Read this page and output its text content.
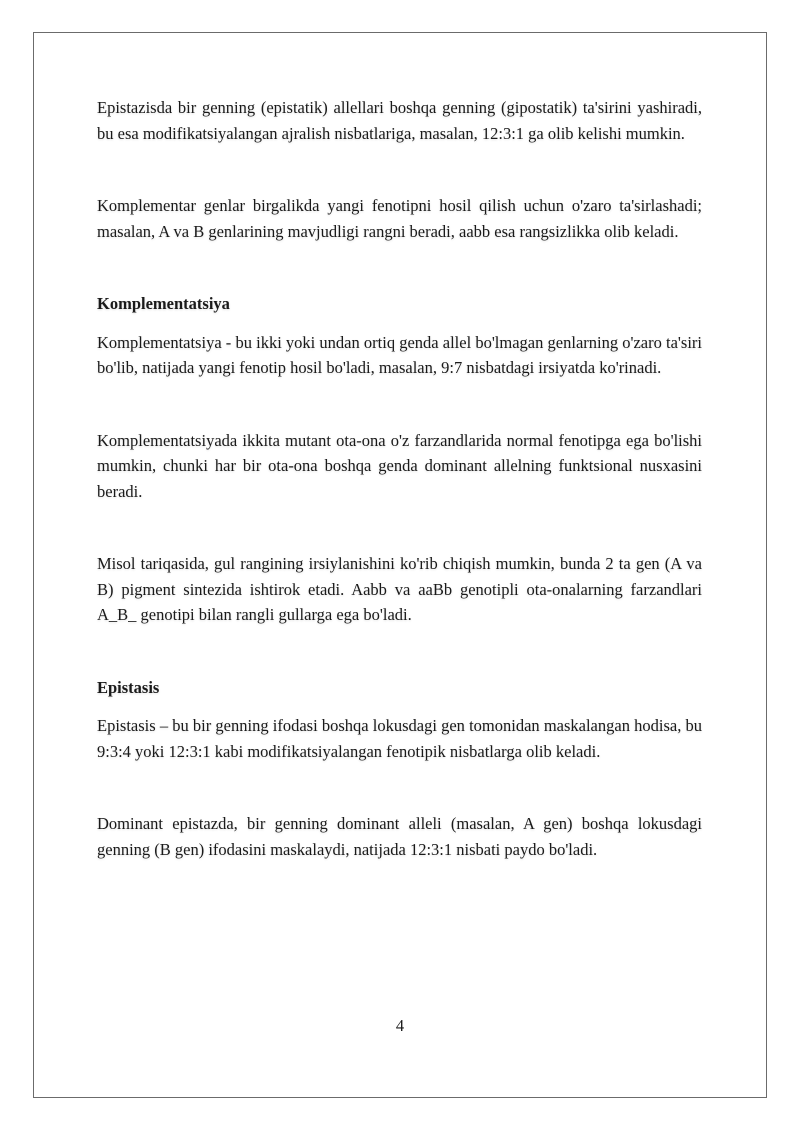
Epistazisda bir genning (epistatik) allellari boshqa genning (gipostatik) ta'sirini yashiradi, bu esa modifikatsiyalangan ajralish nisbatlariga, masalan, 12:3:1 ga olib kelishi mumkin.

Komplementar genlar birgalikda yangi fenotipni hosil qilish uchun o'zaro ta'sirlashadi; masalan, A va B genlarining mavjudligi rangni beradi, aabb esa rangsizlikka olib keladi.

Komplementatsiya

Komplementatsiya - bu ikki yoki undan ortiq genda allel bo'lmagan genlarning o'zaro ta'siri bo'lib, natijada yangi fenotip hosil bo'ladi, masalan, 9:7 nisbatdagi irsiyatda ko'rinadi.

Komplementatsiyada ikkita mutant ota-ona o'z farzandlarida normal fenotipga ega bo'lishi mumkin, chunki har bir ota-ona boshqa genda dominant allelning funktsional nusxasini beradi.

Misol tariqasida, gul rangining irsiylanishini ko'rib chiqish mumkin, bunda 2 ta gen (A va B) pigment sintezida ishtirok etadi. Aabb va aaBb genotipli ota-onalarning farzandlari A_B_ genotipi bilan rangli gullarga ega bo'ladi.

Epistasis

Epistasis – bu bir genning ifodasi boshqa lokusdagi gen tomonidan maskalangan hodisa, bu 9:3:4 yoki 12:3:1 kabi modifikatsiyalangan fenotipik nisbatlarga olib keladi.

Dominant epistazda, bir genning dominant alleli (masalan, A gen) boshqa lokusdagi genning (B gen) ifodasini maskalaydi, natijada 12:3:1 nisbati paydo bo'ladi.

4
